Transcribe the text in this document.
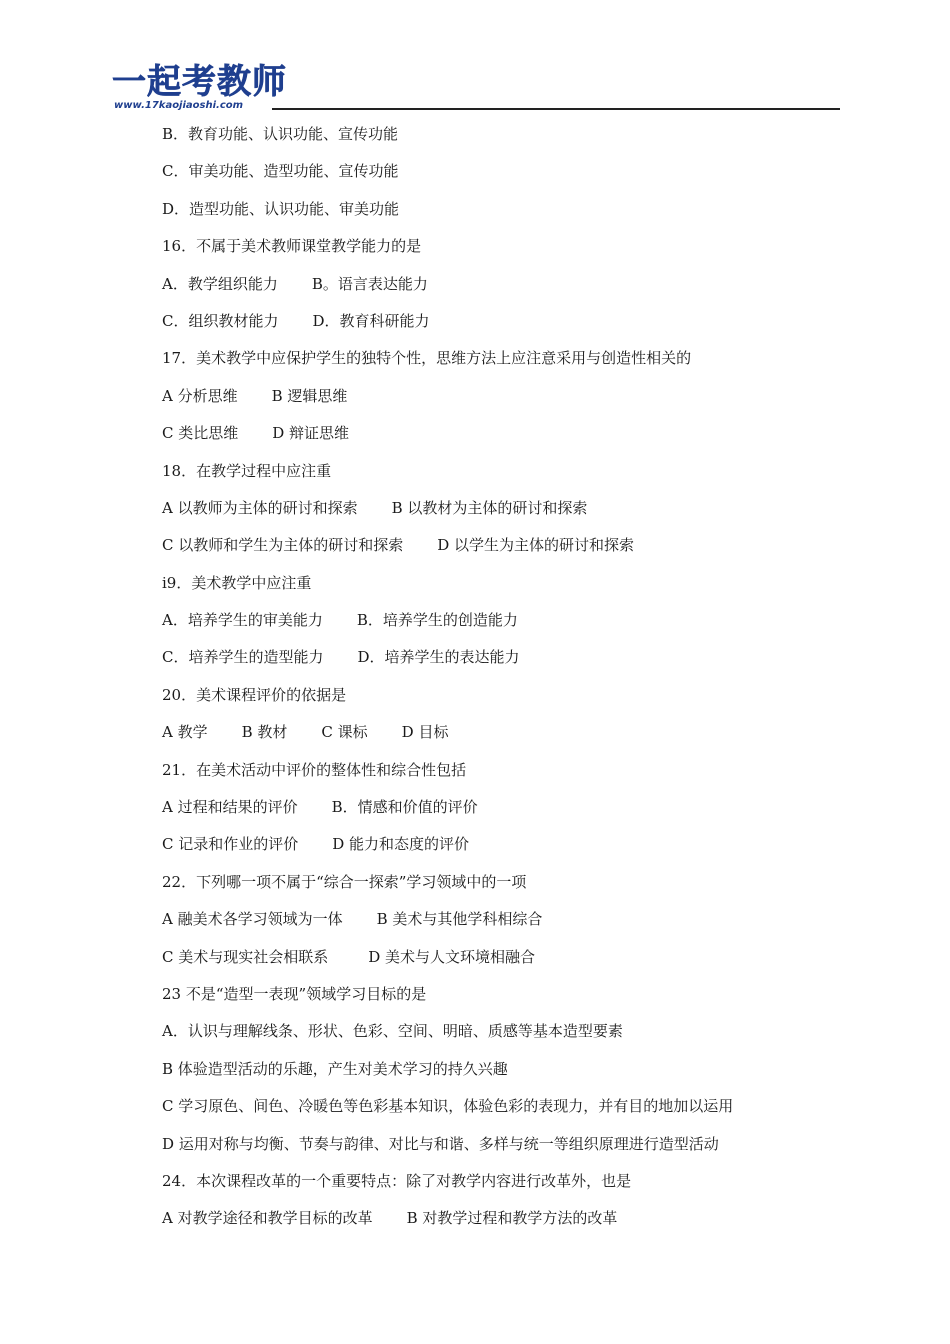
一起考教师
www.17kaojiaoshi.com
B．教育功能、认识功能、宣传功能
C．审美功能、造型功能、宣传功能
D．造型功能、认识功能、审美功能
16．不属于美术教师课堂教学能力的是
A．教学组织能力 B。语言表达能力
C．组织教材能力 D．教育科研能力
17．美术教学中应保护学生的独特个性，思维方法上应注意采用与创造性相关的
A 分析思维 B 逻辑思维
C 类比思维 D 辩证思维
18．在教学过程中应注重
A 以教师为主体的研讨和探索 B 以教材为主体的研讨和探索
C 以教师和学生为主体的研讨和探索 D 以学生为主体的研讨和探索
i9．美术教学中应注重
A．培养学生的审美能力 B．培养学生的创造能力
C．培养学生的造型能力 D．培养学生的表达能力
20．美术课程评价的依据是
A 教学 B 教材 C 课标 D 目标
21．在美术活动中评价的整体性和综合性包括
A 过程和结果的评价 B．情感和价值的评价
C 记录和作业的评价 D 能力和态度的评价
22．下列哪一项不属于“综合一探索”学习领域中的一项
A 融美术各学习领域为一体 B 美术与其他学科相综合
C 美术与现实社会相联系	D 美术与人文环境相融合
23 不是“造型一表现”领域学习目标的是
A．认识与理解线条、形状、色彩、空间、明暗、质感等基本造型要素
B 体验造型活动的乐趣，产生对美术学习的持久兴趣
C 学习原色、间色、冷暖色等色彩基本知识，体验色彩的表现力，并有目的地加以运用
D 运用对称与均衡、节奏与韵律、对比与和谐、多样与统一等组织原理进行造型活动
24．本次课程改革的一个重要特点：除了对教学内容进行改革外，也是
A 对教学途径和教学目标的改革 B 对教学过程和教学方法的改革
